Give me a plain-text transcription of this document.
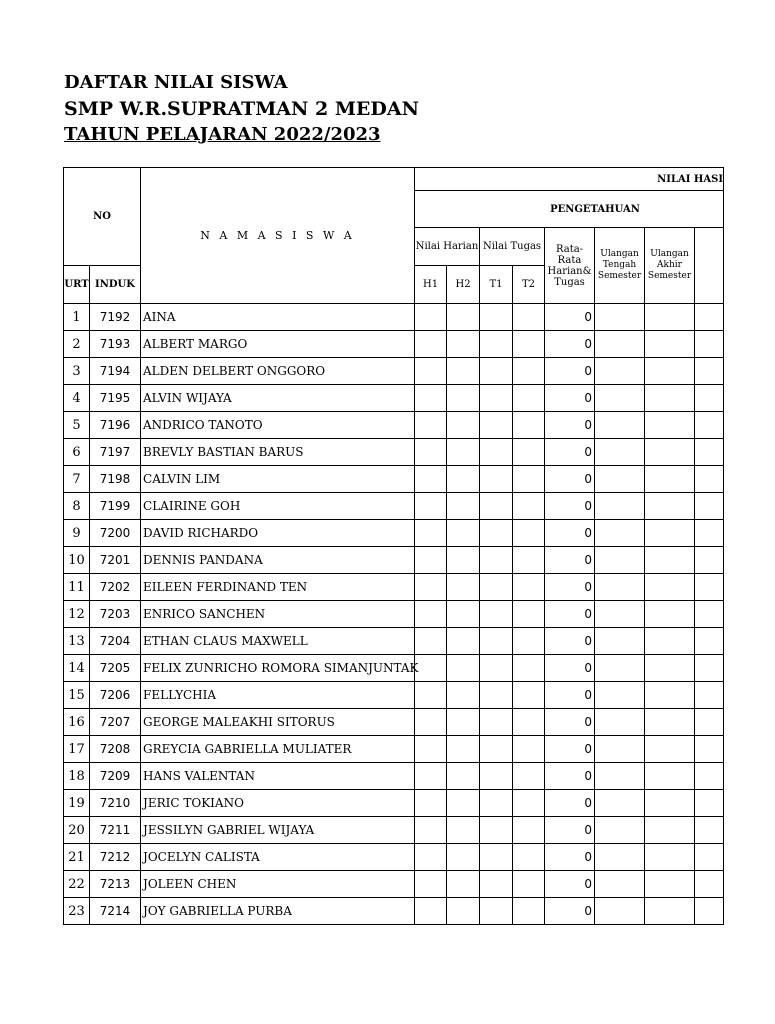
DAFTAR NILAI SISWA

SMP W.R.SUPRATMAN 2 MEDAN

TAHUN PELAJARAN 2022/2023

NO		N A M A S I S W A	NILAI HASI							
			PENGETAHUAN							
			Nilai Harian		Nilai Tugas		Rata-Rata Harian& Tugas	Ulangan Tengah Semester	Ulangan Akhir Semester	
URT	INDUK		H1	H2	T1	T2				
1	7192	AINA					0			
2	7193	ALBERT MARGO					0			
3	7194	ALDEN DELBERT ONGGORO					0			
4	7195	ALVIN WIJAYA					0			
5	7196	ANDRICO TANOTO					0			
6	7197	BREVLY BASTIAN BARUS					0			
7	7198	CALVIN LIM					0			
8	7199	CLAIRINE GOH					0			
9	7200	DAVID RICHARDO					0			
10	7201	DENNIS PANDANA					0			
11	7202	EILEEN FERDINAND TEN					0			
12	7203	ENRICO SANCHEN					0			
13	7204	ETHAN CLAUS MAXWELL					0			
14	7205	FELIX ZUNRICHO ROMORA SIMANJUNTAK					0			
15	7206	FELLYCHIA					0			
16	7207	GEORGE MALEAKHI SITORUS					0			
17	7208	GREYCIA GABRIELLA MULIATER					0			
18	7209	HANS VALENTAN					0			
19	7210	JERIC TOKIANO					0			
20	7211	JESSILYN GABRIEL WIJAYA					0			
21	7212	JOCELYN CALISTA					0			
22	7213	JOLEEN CHEN					0			
23	7214	JOY GABRIELLA PURBA					0			
